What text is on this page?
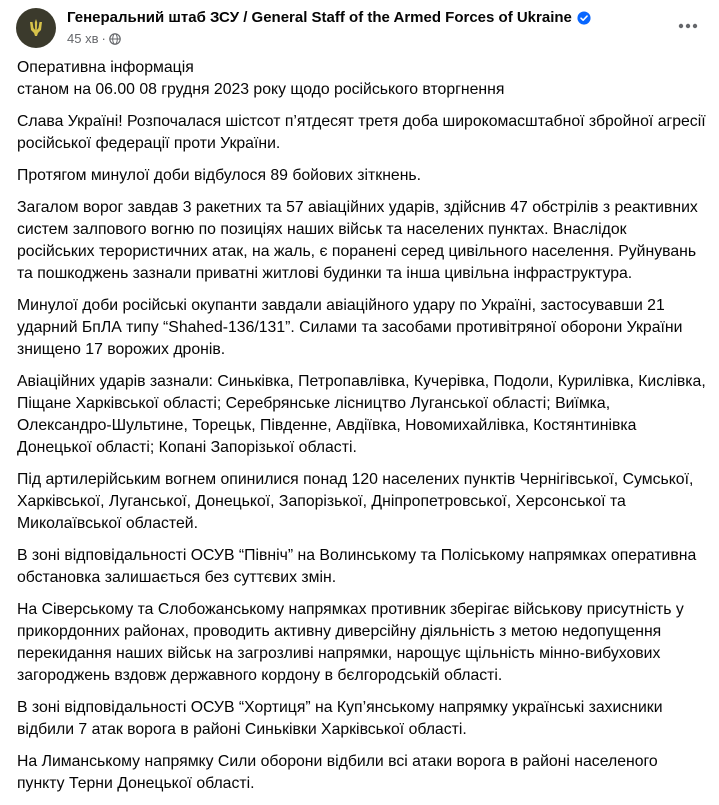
Генеральний штаб ЗСУ / General Staff of the Armed Forces of Ukraine
45 хв ·

Оперативна інформація
станом на 06.00 08 грудня 2023 року щодо російського вторгнення

Слава Україні! Розпочалася шістсот п’ятдесят третя доба широкомасштабної збройної агресії російської федерації проти України.

Протягом минулої доби відбулося 89 бойових зіткнень.

Загалом ворог завдав 3 ракетних та 57 авіаційних ударів, здійснив 47 обстрілів з реактивних систем залпового вогню по позиціях наших військ та населених пунктах. Внаслідок російських терористичних атак, на жаль, є поранені серед цивільного населення. Руйнувань та пошкоджень зазнали приватні житлові будинки та інша цивільна інфраструктура.

Минулої доби російські окупанти завдали авіаційного удару по Україні, застосувавши 21 ударний БпЛА типу “Shahed-136/131”. Силами та засобами противітряної оборони України знищено 17 ворожих дронів.

Авіаційних ударів зазнали: Синьківка, Петропавлівка, Кучерівка, Подоли, Курилівка, Кислівка, Піщане Харківської області; Серебрянське лісництво Луганської області; Виїмка, Олександро-Шультине, Торецьк, Південне, Авдіївка, Новомихайлівка, Костянтинівка Донецької області; Копані Запорізької області.

Під артилерійським вогнем опинилися понад 120 населених пунктів Чернігівської, Сумської, Харківської, Луганської, Донецької, Запорізької, Дніпропетровської, Херсонської та Миколаївської областей.

В зоні відповідальності ОСУВ “Північ” на Волинському та Поліському напрямках оперативна обстановка залишається без суттєвих змін.

На Сіверському та Слобожанському напрямках противник зберігає військову присутність у прикордонних районах, проводить активну диверсійну діяльність з метою недопущення перекидання наших військ на загрозливі напрямки, нарощує щільність мінно-вибухових загороджень вздовж державного кордону в бєлгородській області.

В зоні відповідальності ОСУВ “Хортиця” на Куп’янському напрямку українські захисники відбили 7 атак ворога в районі Синьківки Харківської області.

На Лиманському напрямку Сили оборони відбили всі атаки ворога в районі населеного пункту Терни Донецької області.
